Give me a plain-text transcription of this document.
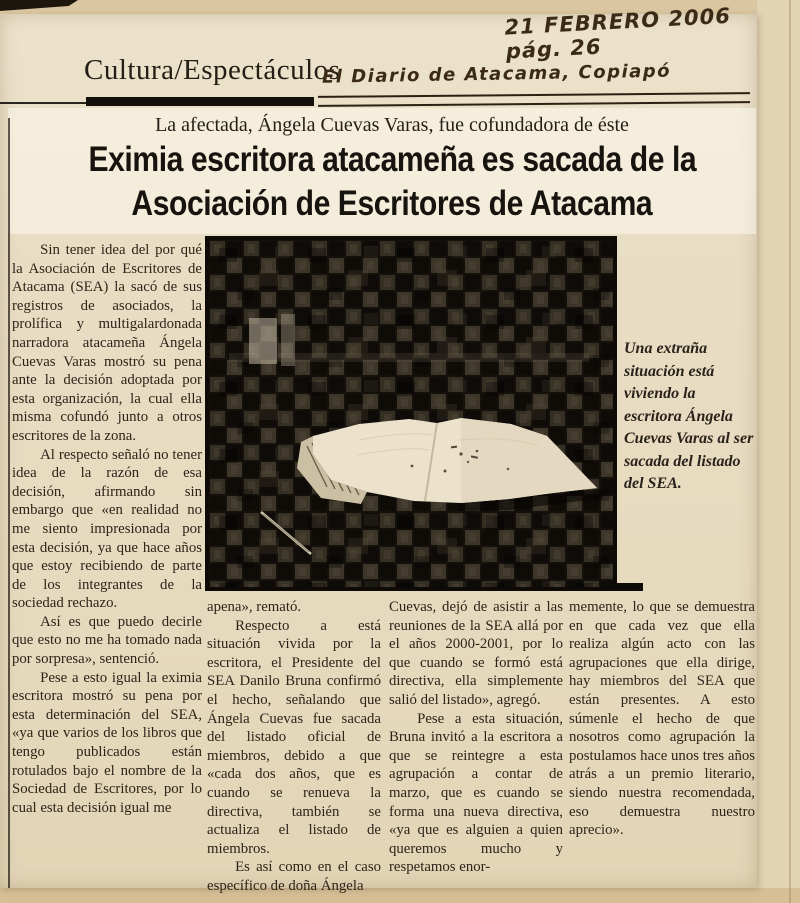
21 FEBRERO 2006 pág. 26
Cultura/Espectáculos
El Diario de Atacama, Copiapó
La afectada, Ángela Cuevas Varas, fue cofundadora de éste
Eximia escritora atacameña es sacada de la
Asociación de Escritores de Atacama

Sin tener idea del por qué la Asociación de Escritores de Atacama (SEA) la sacó de sus registros de asociados, la prolífica y multigalardonada narradora atacameña Ángela Cuevas Varas mostró su pena ante la decisión adoptada por esta organización, la cual ella misma cofundó junto a otros escritores de la zona.

Al respecto señaló no tener idea de la razón de esa decisión, afirmando sin embargo que «en realidad no me siento impresionada por esta decisión, ya que hace años que estoy recibiendo de parte de los integrantes de la sociedad rechazo.

Así es que puedo decirle que esto no me ha tomado nada por sorpresa», sentenció.

Pese a esto igual la eximia escritora mostró su pena por esta determinación del SEA, «ya que varios de los libros que tengo publicados están rotulados bajo el nombre de la Sociedad de Escritores, por lo cual esta decisión igual me

Una extraña situación está viviendo la escritora Ángela Cuevas Varas al ser sacada del listado del SEA.

apena», remató.

Respecto a está situación vivida por la escritora, el Presidente del SEA Danilo Bruna confirmó el hecho, señalando que Ángela Cuevas fue sacada del listado oficial de miembros, debido a que «cada dos años, que es cuando se renueva la directiva, también se actualiza el listado de miembros.

Es así como en el caso específico de doña Ángela

Cuevas, dejó de asistir a las reuniones de la SEA allá por el años 2000-2001, por lo que cuando se formó está directiva, ella simplemente salió del listado», agregó.

Pese a esta situación, Bruna invitó a la escritora a que se reintegre a esta agrupación a contar de marzo, que es cuando se forma una nueva directiva, «ya que es alguien a quien queremos mucho y respetamos enor-

memente, lo que se demuestra en que cada vez que ella realiza algún acto con las agrupaciones que ella dirige, hay miembros del SEA que están presentes. A esto súmenle el hecho de que nosotros como agrupación la postulamos hace unos tres años atrás a un premio literario, siendo nuestra recomendada, eso demuestra nuestro aprecio».
